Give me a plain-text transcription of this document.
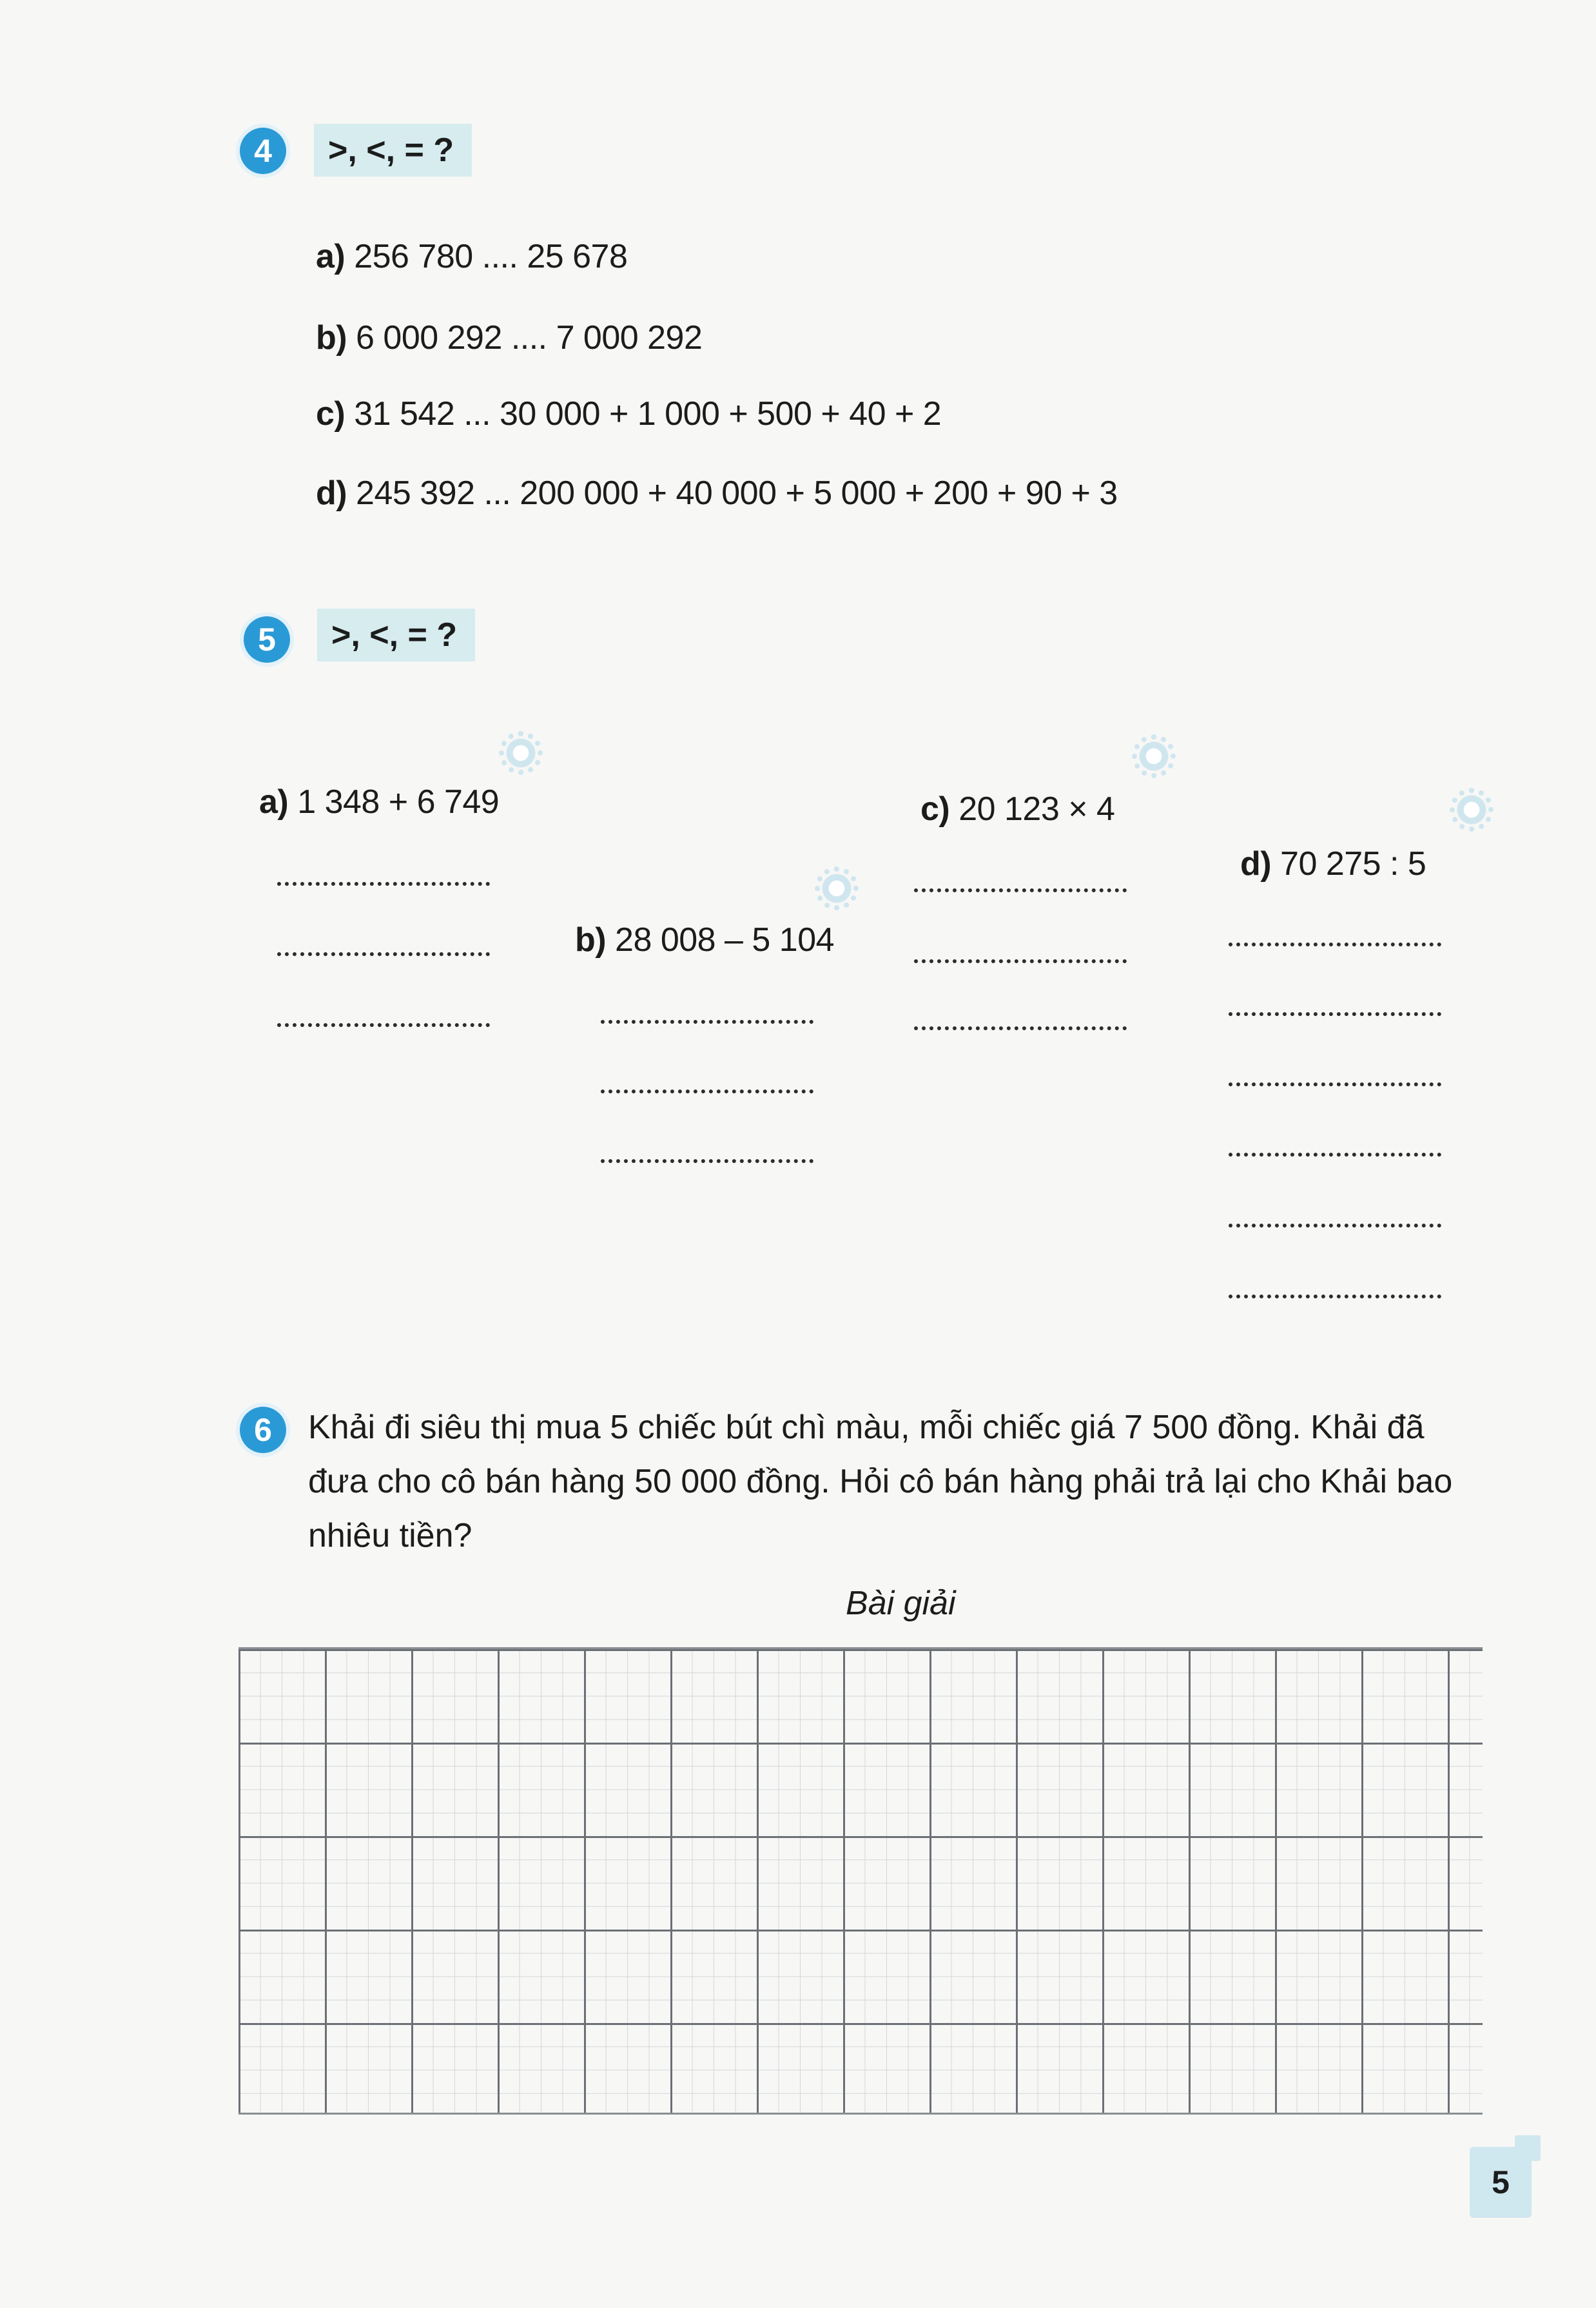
4	>, <, = ?
a) 256 780 .... 25 678
b) 6 000 292 .... 7 000 292
c) 31 542 ... 30 000 + 1 000 + 500 + 40 + 2
d) 245 392 ... 200 000 + 40 000 + 5 000 + 200 + 90 + 3
5	>, <, = ?
a) 1 348 + 6 749
b) 28 008 – 5 104
c) 20 123 × 4
d) 70 275 : 5
6	Khải đi siêu thị mua 5 chiếc bút chì màu, mỗi chiếc giá 7 500 đồng. Khải đã
đưa cho cô bán hàng 50 000 đồng. Hỏi cô bán hàng phải trả lại cho Khải bao
nhiêu tiền?
Bài giải
5
